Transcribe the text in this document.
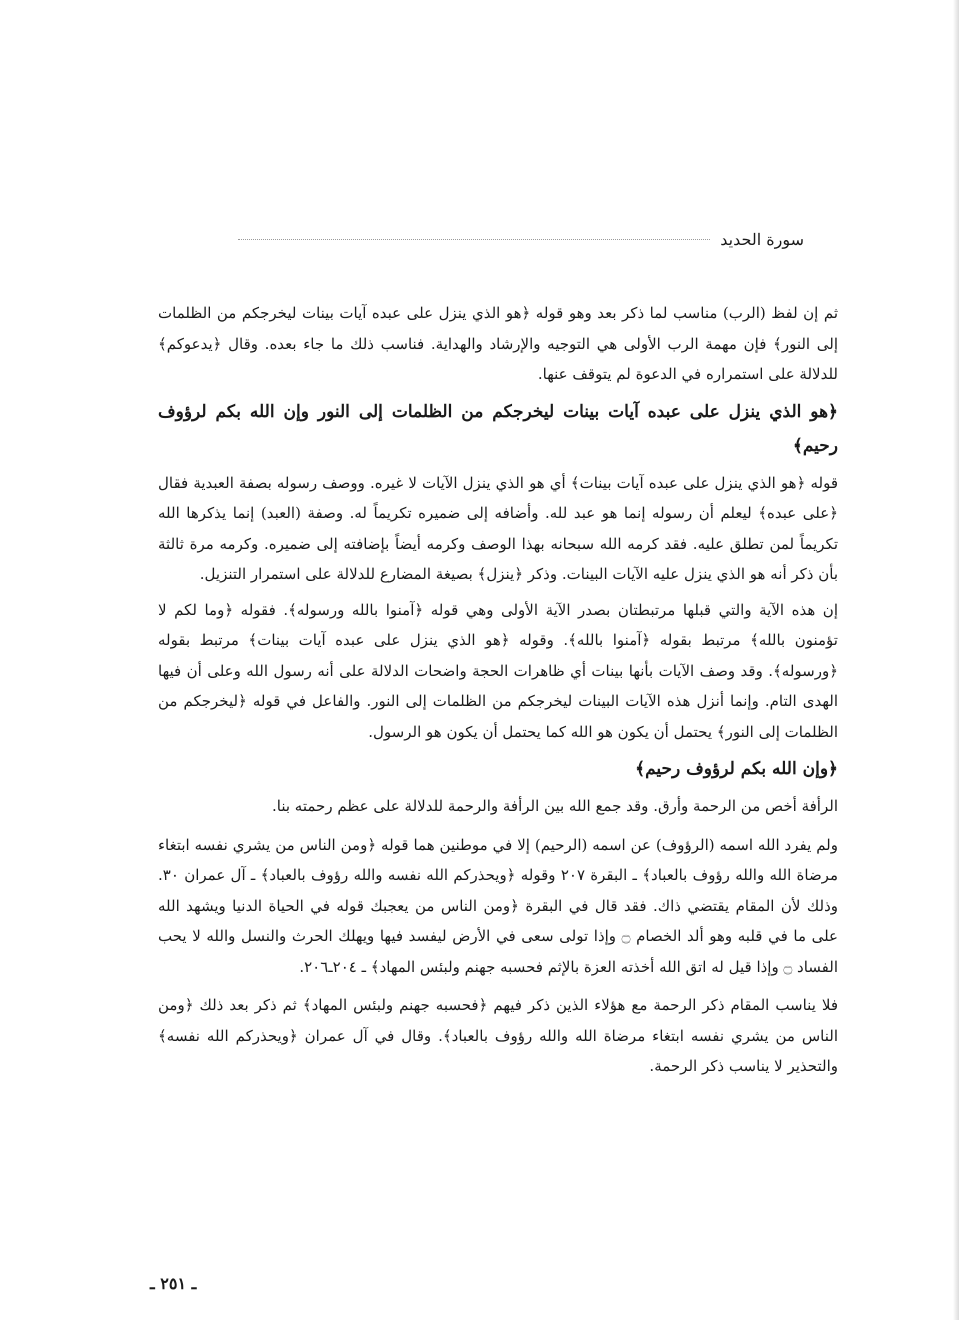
سورة الحديد

ثم إن لفظ (الرب) مناسب لما ذكر بعد وهو قوله ﴿هو الذي ينزل على عبده آيات بينات ليخرجكم من الظلمات إلى النور﴾ فإن مهمة الرب الأولى هي التوجيه والإرشاد والهداية. فناسب ذلك ما جاء بعده. وقال ﴿يدعوكم﴾ للدلالة على استمراره في الدعوة لم يتوقف عنها.

﴿هو الذي ينزل على عبده آيات بينات ليخرجكم من الظلمات إلى النور وإن الله بكم لرؤوف رحيم﴾

قوله ﴿هو الذي ينزل على عبده آيات بينات﴾ أي هو الذي ينزل الآيات لا غيره. ووصف رسوله بصفة العبدية فقال ﴿على عبده﴾ ليعلم أن رسوله إنما هو عبد لله. وأضافه إلى ضميره تكريماً له. وصفة (العبد) إنما يذكرها الله تكريماً لمن تطلق عليه. فقد كرمه الله سبحانه بهذا الوصف وكرمه أيضاً بإضافته إلى ضميره. وكرمه مرة ثالثة بأن ذكر أنه هو الذي ينزل عليه الآيات البينات. وذكر ﴿ينزل﴾ بصيغة المضارع للدلالة على استمرار التنزيل.

إن هذه الآية والتي قبلها مرتبطتان بصدر الآية الأولى وهي قوله ﴿آمنوا بالله ورسوله﴾. فقوله ﴿وما لكم لا تؤمنون بالله﴾ مرتبط بقوله ﴿آمنوا بالله﴾. وقوله ﴿هو الذي ينزل على عبده آيات بينات﴾ مرتبط بقوله ﴿ورسوله﴾. وقد وصف الآيات بأنها بينات أي ظاهرات الحجة واضحات الدلالة على أنه رسول الله وعلى أن فيها الهدى التام. وإنما أنزل هذه الآيات البينات ليخرجكم من الظلمات إلى النور. والفاعل في قوله ﴿ليخرجكم من الظلمات إلى النور﴾ يحتمل أن يكون هو الله كما يحتمل أن يكون هو الرسول.

﴿وإن الله بكم لرؤوف رحيم﴾

الرأفة أخص من الرحمة وأرق. وقد جمع الله بين الرأفة والرحمة للدلالة على عظم رحمته بنا.

ولم يفرد الله اسمه (الرؤوف) عن اسمه (الرحيم) إلا في موطنين هما قوله ﴿ومن الناس من يشري نفسه ابتغاء مرضاة الله والله رؤوف بالعباد﴾ ـ البقرة ٢٠٧ وقوله ﴿ويحذركم الله نفسه والله رؤوف بالعباد﴾ ـ آل عمران ٣٠. وذلك لأن المقام يقتضي ذاك. فقد قال في البقرة ﴿ومن الناس من يعجبك قوله في الحياة الدنيا ويشهد الله على ما في قلبه وهو ألد الخصام ۝ وإذا تولى سعى في الأرض ليفسد فيها ويهلك الحرث والنسل والله لا يحب الفساد ۝ وإذا قيل له اتق الله أخذته العزة بالإثم فحسبه جهنم ولبئس المهاد﴾ ـ ٢٠٤ـ٢٠٦.

فلا يناسب المقام ذكر الرحمة مع هؤلاء الذين ذكر فيهم ﴿فحسبه جهنم ولبئس المهاد﴾ ثم ذكر بعد ذلك ﴿ومن الناس من يشري نفسه ابتغاء مرضاة الله والله رؤوف بالعباد﴾. وقال في آل عمران ﴿ويحذركم الله نفسه﴾ والتحذير لا يناسب ذكر الرحمة.

ـ ٢٥١ ـ
